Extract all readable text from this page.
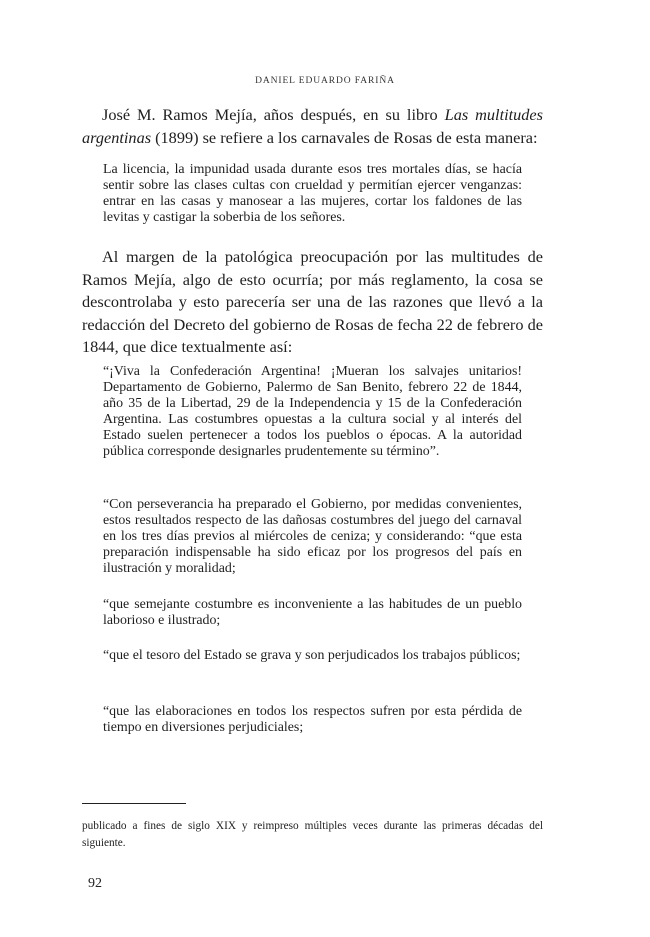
DANIEL EDUARDO FARIÑA

José M. Ramos Mejía, años después, en su libro Las multitudes argentinas (1899) se refiere a los carnavales de Rosas de esta manera:

La licencia, la impunidad usada durante esos tres mortales días, se hacía sentir sobre las clases cultas con crueldad y permitían ejercer venganzas: entrar en las casas y manosear a las mujeres, cortar los faldones de las levitas y castigar la soberbia de los señores.

Al margen de la patológica preocupación por las multitudes de Ramos Mejía, algo de esto ocurría; por más reglamento, la cosa se descontrolaba y esto parecería ser una de las razones que llevó a la redacción del Decreto del gobierno de Rosas de fecha 22 de febrero de 1844, que dice textualmente así:

“¡Viva la Confederación Argentina! ¡Mueran los salvajes unitarios! Departamento de Gobierno, Palermo de San Benito, febrero 22 de 1844, año 35 de la Libertad, 29 de la Independencia y 15 de la Confederación Argentina. Las costumbres opuestas a la cultura social y al interés del Estado suelen pertenecer a todos los pueblos o épocas. A la autoridad pública corresponde designarles prudentemente su término”.

“Con perseverancia ha preparado el Gobierno, por medidas convenientes, estos resultados respecto de las dañosas costumbres del juego del carnaval en los tres días previos al miércoles de ceniza; y considerando: “que esta preparación indispensable ha sido eficaz por los progresos del país en ilustración y moralidad;

“que semejante costumbre es inconveniente a las habitudes de un pueblo laborioso e ilustrado;

“que el tesoro del Estado se grava y son perjudicados los trabajos públicos;

“que las elaboraciones en todos los respectos sufren por esta pérdida de tiempo en diversiones perjudiciales;

publicado a fines de siglo XIX y reimpreso múltiples veces durante las primeras décadas del siguiente.

92
